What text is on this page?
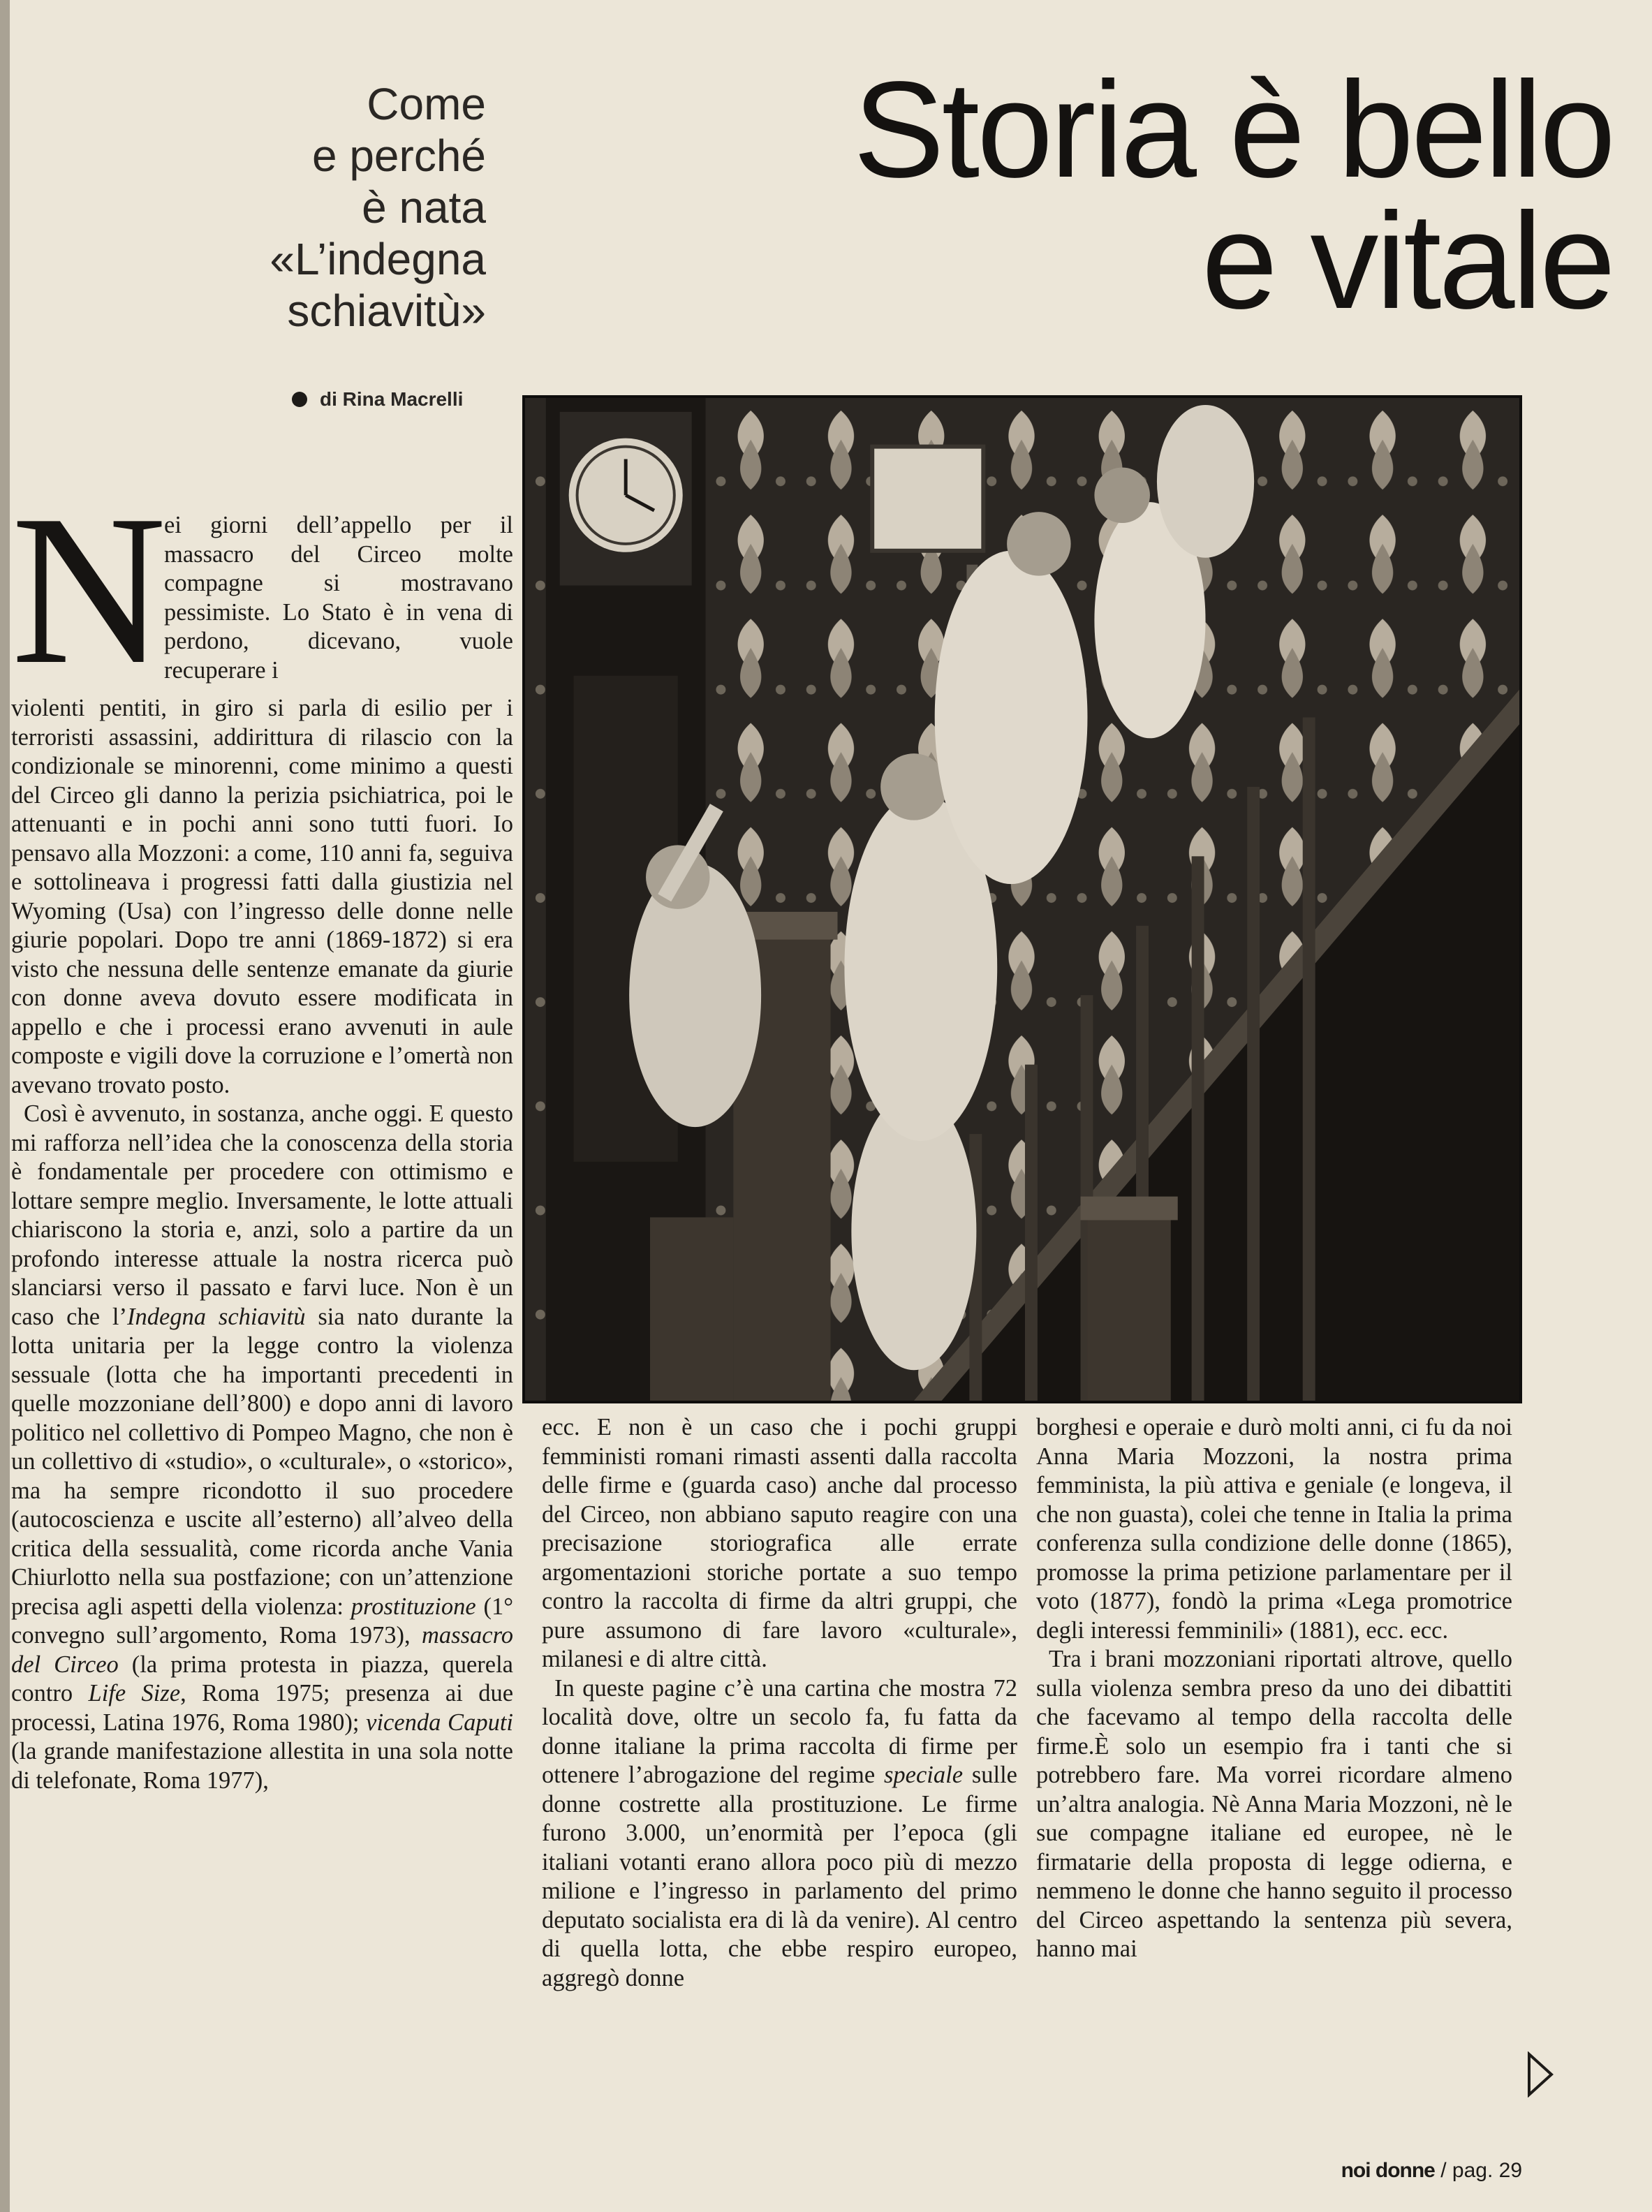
Come
e perché
è nata
«L’indegna
schiavitù»
Storia è bello
e vitale
di Rina Macrelli
N

ei giorni dell’appello per il massacro del Circeo molte compagne si mostravano pessimiste. Lo Stato è in vena di perdono, dicevano, vuole recuperare i

violenti pentiti, in giro si parla di esilio per i terroristi assassini, addirittura di rilascio con la condizionale se minorenni, come minimo a questi del Circeo gli danno la perizia psichiatrica, poi le attenuanti e in pochi anni sono tutti fuori. Io pensavo alla Mozzoni: a come, 110 anni fa, seguiva e sottolineava i progressi fatti dalla giustizia nel Wyoming (Usa) con l’ingresso delle donne nelle giurie popolari. Dopo tre anni (1869-1872) si era visto che nessuna delle sentenze emanate da giurie con donne aveva dovuto essere modificata in appello e che i processi erano avvenuti in aule composte e vigili dove la corruzione e l’omertà non avevano trovato posto.

Così è avvenuto, in sostanza, anche oggi. E questo mi rafforza nell’idea che la conoscenza della storia è fondamentale per procedere con ottimismo e lottare sempre meglio. Inversamente, le lotte attuali chiariscono la storia e, anzi, solo a partire da un profondo interesse attuale la nostra ricerca può slanciarsi verso il passato e farvi luce. Non è un caso che l’Indegna schiavitù sia nato durante la lotta unitaria per la legge contro la violenza sessuale (lotta che ha importanti precedenti in quelle mozzoniane dell’800) e dopo anni di lavoro politico nel collettivo di Pompeo Magno, che non è un collettivo di «studio», o «culturale», o «storico», ma ha sempre ricondotto il suo procedere (autocoscienza e uscite all’esterno) all’alveo della critica della sessualità, come ricorda anche Vania Chiurlotto nella sua postfazione; con un’attenzione precisa agli aspetti della violenza: prostituzione (1° convegno sull’argomento, Roma 1973), massacro del Circeo (la prima protesta in piazza, querela contro Life Size, Roma 1975; presenza ai due processi, Latina 1976, Roma 1980); vicenda Caputi (la grande manifestazione allestita in una sola notte di telefonate, Roma 1977),

ecc. E non è un caso che i pochi gruppi femministi romani rimasti assenti dalla raccolta delle firme e (guarda caso) anche dal processo del Circeo, non abbiano saputo reagire con una precisazione storiografica alle errate argomentazioni storiche portate a suo tempo contro la raccolta di firme da altri gruppi, che pure assumono di fare lavoro «culturale», milanesi e di altre città.

In queste pagine c’è una cartina che mostra 72 località dove, oltre un secolo fa, fu fatta da donne italiane la prima raccolta di firme per ottenere l’abrogazione del regime speciale sulle donne costrette alla prostituzione. Le firme furono 3.000, un’enormità per l’epoca (gli italiani votanti erano allora poco più di mezzo milione e l’ingresso in parlamento del primo deputato socialista era di là da venire). Al centro di quella lotta, che ebbe respiro europeo, aggregò donne

borghesi e operaie e durò molti anni, ci fu da noi Anna Maria Mozzoni, la nostra prima femminista, la più attiva e geniale (e longeva, il che non guasta), colei che tenne in Italia la prima conferenza sulla condizione delle donne (1865), promosse la prima petizione parlamentare per il voto (1877), fondò la prima «Lega promotrice degli interessi femminili» (1881), ecc. ecc.

Tra i brani mozzoniani riportati altrove, quello sulla violenza sembra preso da uno dei dibattiti che facevamo al tempo della raccolta delle firme.È solo un esempio fra i tanti che si potrebbero fare. Ma vorrei ricordare almeno un’altra analogia. Nè Anna Maria Mozzoni, nè le sue compagne italiane ed europee, nè le firmatarie della proposta di legge odierna, e nemmeno le donne che hanno seguito il processo del Circeo aspettando la sentenza più severa, hanno mai

noi donne / pag. 29
